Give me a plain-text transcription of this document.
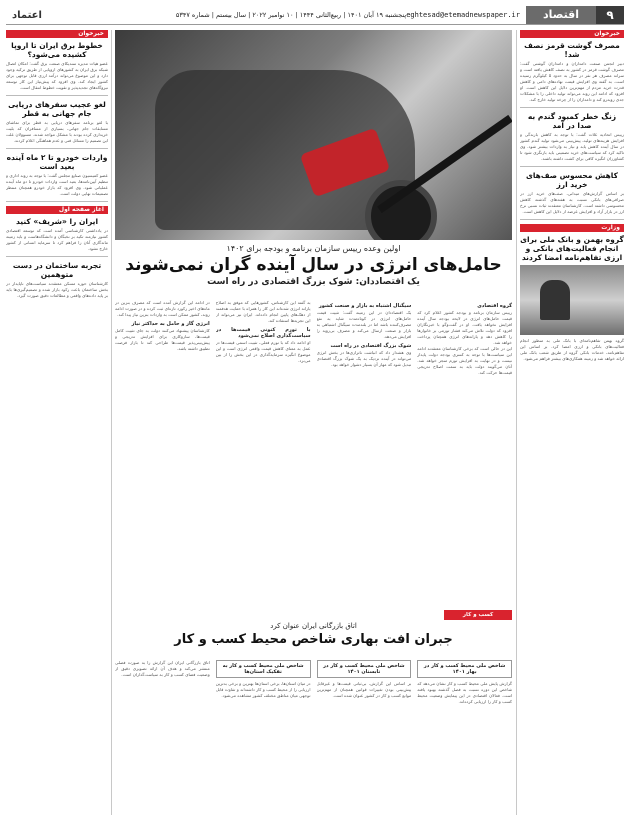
۹
اقتصاد
eghtesad@etemadnewspaper.ir
پنجشنبه ۱۹ آبان ۱۴۰۱ | ربیع‌الثانی ۱۴۴۴ | ۱۰ نوامبر ۲۰۲۲ | سال بیستم | شماره ۵۳۴۷
اعتماد
خبرخوان
مصرف گوشت قرمز نصف شد!
دبیر انجمن صنعت دامداران و دامداران گوشتی گفت: مصرف گوشت قرمز در کشور به نصف کاهش یافته است و سرانه مصرف هر نفر در سال به حدود ۵ کیلوگرم رسیده است. به گفته وی افزایش قیمت نهاده‌های دامی و کاهش قدرت خرید مردم از مهم‌ترین دلایل این کاهش است. او افزود که ادامه این روند می‌تواند تولید داخلی را با مشکلات جدی روبه‌رو کند و دامداران را از چرخه تولید خارج کند.
زنگ خطر کمبود گندم به صدا در آمد
رییس اتحادیه غلات گفت: با توجه به کاهش بارندگی و افزایش هزینه‌های تولید، پیش‌بینی می‌شود تولید گندم کشور در سال آینده کاهش یابد و نیاز به واردات بیشتر شود. وی تاکید کرد که سیاست‌های خرید تضمینی باید بازنگری شود تا کشاورزان انگیزه کافی برای کشت داشته باشند.
کاهش محسوس صف‌های خرید ارز
بر اساس گزارش‌های میدانی، صف‌های خرید ارز در صرافی‌های بانکی نسبت به هفته‌های گذشته کاهش محسوسی داشته است. کارشناسان معتقدند ثبات نسبی نرخ ارز در بازار آزاد و افزایش عرضه از دلایل این کاهش است.
وزارت
گروه بهمن و بانک ملی برای انجام فعالیت‌های بانکی و ارزی تفاهم‌نامه امضا کردند
گروه بهمن تفاهم‌نامه‌ای با بانک ملی به منظور انجام فعالیت‌های بانکی و ارزی امضا کرد. بر اساس این تفاهم‌نامه، خدمات بانکی گروه از طریق شعب بانک ملی ارائه خواهد شد و زمینه همکاری‌های بیشتر فراهم می‌شود.
اولین وعده رییس سازمان برنامه و بودجه برای ۱۴۰۲
حامل‌های انرژی در سال آینده گران نمی‌شوند
یک اقتصاددان: شوک بزرگ اقتصادی در راه است
گروه اقتصادی
رییس سازمان برنامه و بودجه کشور اعلام کرد که قیمت حامل‌های انرژی در لایحه بودجه سال آینده افزایش نخواهد یافت. او در گفت‌وگو با خبرنگاران افزود که دولت تلاش می‌کند فشار تورمی بر خانوارها را کاهش دهد و یارانه‌های انرژی همچنان پرداخت خواهد شد.
این در حالی است که برخی کارشناسان معتقدند ادامه این سیاست‌ها با توجه به کسری بودجه دولت پایدار نیست و در نهایت به افزایش تورم منجر خواهد شد. آنان می‌گویند دولت باید به سمت اصلاح تدریجی قیمت‌ها حرکت کند.
سیگنال اشتباه به بازار و صنعت کشور
یک اقتصاددان در این زمینه گفت: تثبیت قیمت حامل‌های انرژی در کوتاه‌مدت شاید به نفع مصرف‌کننده باشد اما در بلندمدت سیگنال اشتباهی به بازار و صنعت ارسال می‌کند و مصرف بی‌رویه را افزایش می‌دهد.
شوک بزرگ اقتصادی در راه است
وی هشدار داد که انباشت ناترازی‌ها در بخش انرژی می‌تواند در آینده نزدیک به یک شوک بزرگ اقتصادی تبدیل شود که مهار آن بسیار دشوار خواهد بود.
به گفته این کارشناس، کشورهایی که موفق به اصلاح یارانه انرژی شده‌اند این کار را همراه با حمایت هدفمند از دهک‌های پایین انجام داده‌اند. ایران نیز می‌تواند از این تجربه‌ها استفاده کند.
با تورم کنونی قیمت‌ها در سیاست‌گذاری اصلاح نمی‌شود
او ادامه داد که با تورم فعلی، تثبیت اسمی قیمت‌ها در عمل به معنای کاهش قیمت واقعی انرژی است و این موضوع انگیزه سرمایه‌گذاری در این بخش را از بین می‌برد.
در ادامه این گزارش آمده است که مصرف بنزین در ماه‌های اخیر رکورد تازه‌ای ثبت کرده و در صورت ادامه روند، کشور ممکن است به واردات بنزین نیاز پیدا کند.
انرژی گاز و حامل به حداکثر نیاز
کارشناسان پیشنهاد می‌کنند دولت به جای تثبیت کامل قیمت‌ها، سازوکاری برای افزایش تدریجی و پیش‌بینی‌پذیر قیمت‌ها طراحی کند تا بازار فرصت تطبیق داشته باشد.
کسب و کار
اتاق بازرگانی ایران عنوان کرد
جبران افت بهاری شاخص محیط کسب و کار
شاخص ملی محیط کسب و کار در بهار ۱۴۰۱
گزارش پایش ملی محیط کسب و کار نشان می‌دهد که شاخص این دوره نسبت به فصل گذشته بهبود یافته است. فعالان اقتصادی در این پیمایش وضعیت محیط کسب و کار را ارزیابی کرده‌اند.
شاخص ملی محیط کسب و کار در تابستان ۱۴۰۱
بر اساس این گزارش، بی‌ثباتی قیمت‌ها و غیرقابل پیش‌بینی بودن تغییرات قوانین همچنان از مهم‌ترین موانع کسب و کار در کشور عنوان شده است.
شاخص ملی محیط کسب و کار به تفکیک استان‌ها
در میان استان‌ها، برخی استان‌ها بهترین و برخی بدترین ارزیابی را از محیط کسب و کار داشته‌اند و تفاوت قابل توجهی میان مناطق مختلف کشور مشاهده می‌شود.
اتاق بازرگانی ایران این گزارش را به صورت فصلی منتشر می‌کند و هدف آن ارائه تصویری دقیق از وضعیت فضای کسب و کار به سیاست‌گذاران است.
خبرخوان
خطوط برق ایران تا اروپا کشیده می‌شود؟
عضو هیات مدیره سندیکای صنعت برق گفت: امکان اتصال شبکه برق ایران به کشورهای اروپایی از طریق ترکیه وجود دارد و این موضوع می‌تواند درآمد ارزی قابل توجهی برای کشور ایجاد کند. وی افزود که پیش‌نیاز این کار توسعه نیروگاه‌های تجدیدپذیر و تقویت خطوط انتقال است.
لغو عجیب سفرهای دریایی جام جهانی به قطر
با لغو برنامه سفرهای دریایی به قطر برای تماشای مسابقات جام جهانی، بسیاری از مسافران که بلیت خریداری کرده بودند با مشکل مواجه شدند. مسوولان علت این تصمیم را مسائل فنی و عدم هماهنگی اعلام کردند.
واردات خودرو تا ۲ ماه آینده بعید است
عضو کمیسیون صنایع مجلس گفت: با توجه به روند اداری و تنظیم آیین‌نامه‌ها، بعید است واردات خودرو تا دو ماه آینده عملیاتی شود. وی افزود که بازار خودرو همچنان منتظر تصمیمات نهایی دولت است.
آغاز صفحه اول
ایران را «شریف» کنید
در یادداشتی کارشناسی آمده است که توسعه اقتصادی کشور نیازمند تکیه بر نخبگان و دانشگاه‌هاست و باید زمینه ماندگاری آنان را فراهم کرد تا سرمایه انسانی از کشور خارج نشود.
تجربه ساختمان در دست متوهمین
کارشناسان حوزه مسکن معتقدند سیاست‌های ناپایدار در بخش ساختمان باعث رکود بازار شده و تصمیم‌گیری‌ها باید بر پایه داده‌های واقعی و مطالعات دقیق صورت گیرد.
